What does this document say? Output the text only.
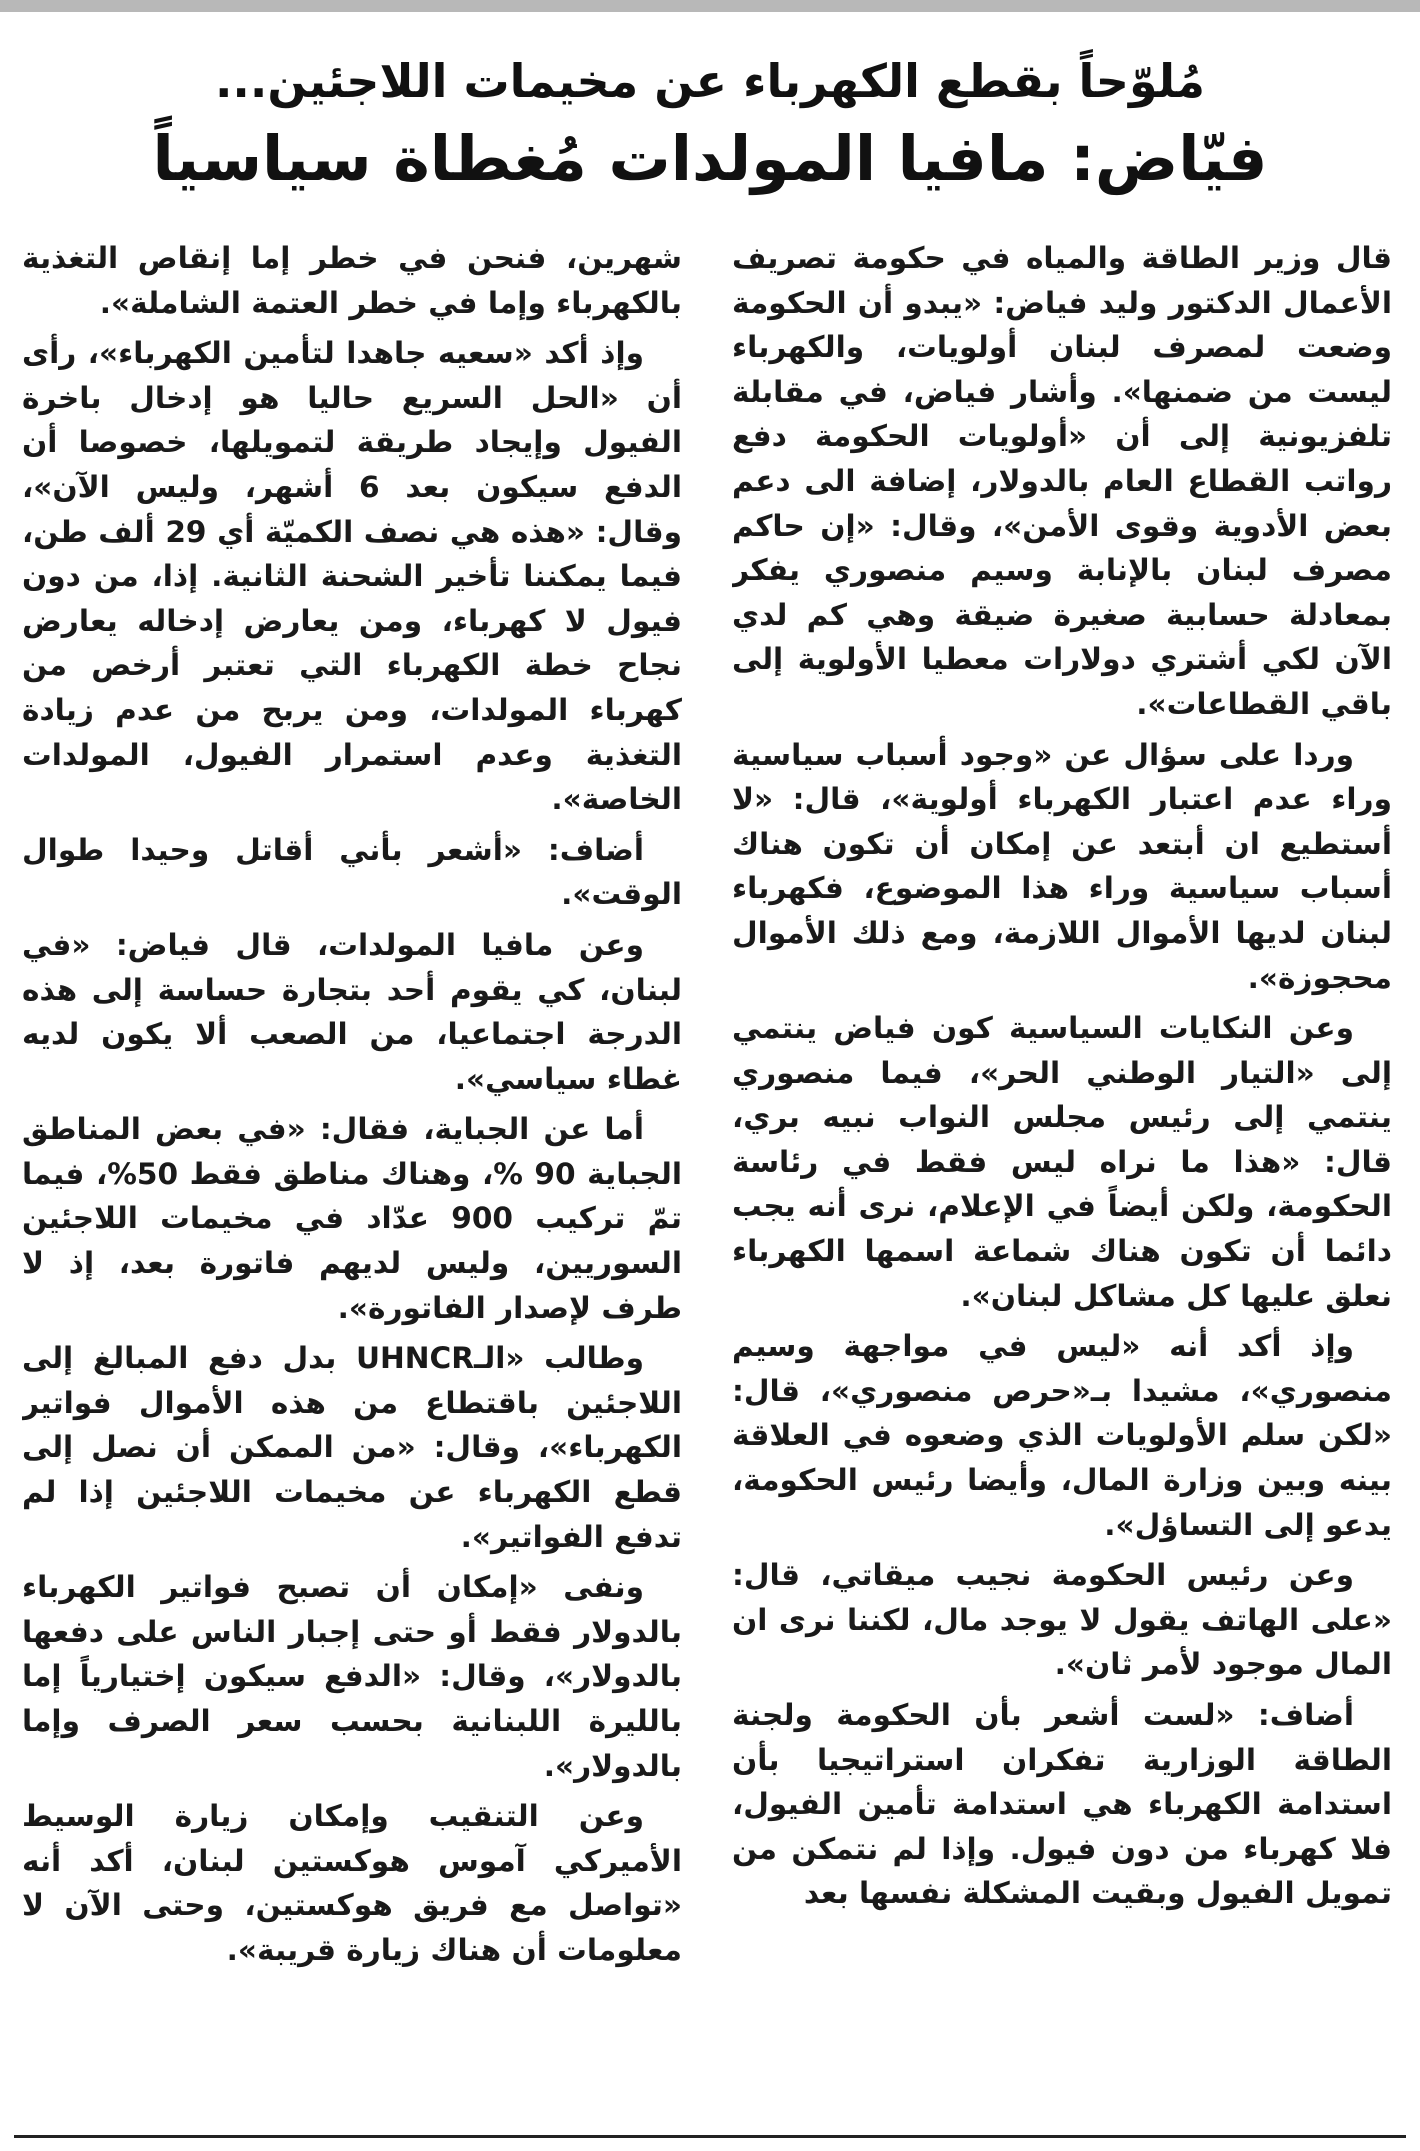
مُلوّحاً بقطع الكهرباء عن مخيمات اللاجئين...
فيّاض: مافيا المولدات مُغطاة سياسياً

قال وزير الطاقة والمياه في حكومة تصريف الأعمال الدكتور وليد فياض: «يبدو أن الحكومة وضعت لمصرف لبنان أولويات، والكهرباء ليست من ضمنها». وأشار فياض، في مقابلة تلفزيونية إلى أن «أولويات الحكومة دفع رواتب القطاع العام بالدولار، إضافة الى دعم بعض الأدوية وقوى الأمن»، وقال: «إن حاكم مصرف لبنان بالإنابة وسيم منصوري يفكر بمعادلة حسابية صغيرة ضيقة وهي كم لدي الآن لكي أشتري دولارات معطيا الأولوية إلى باقي القطاعات».

وردا على سؤال عن «وجود أسباب سياسية وراء عدم اعتبار الكهرباء أولوية»، قال: «لا أستطيع ان أبتعد عن إمكان أن تكون هناك أسباب سياسية وراء هذا الموضوع، فكهرباء لبنان لديها الأموال اللازمة، ومع ذلك الأموال محجوزة».

وعن النكايات السياسية كون فياض ينتمي إلى «التيار الوطني الحر»، فيما منصوري ينتمي إلى رئيس مجلس النواب نبيه بري، قال: «هذا ما نراه ليس فقط في رئاسة الحكومة، ولكن أيضاً في الإعلام، نرى أنه يجب دائما أن تكون هناك شماعة اسمها الكهرباء نعلق عليها كل مشاكل لبنان».

وإذ أكد أنه «ليس في مواجهة وسيم منصوري»، مشيدا بـ«حرص منصوري»، قال: «لكن سلم الأولويات الذي وضعوه في العلاقة بينه وبين وزارة المال، وأيضا رئيس الحكومة، يدعو إلى التساؤل».

وعن رئيس الحكومة نجيب ميقاتي، قال: «على الهاتف يقول لا يوجد مال، لكننا نرى ان المال موجود لأمر ثان».

أضاف: «لست أشعر بأن الحكومة ولجنة الطاقة الوزارية تفكران استراتيجيا بأن استدامة الكهرباء هي استدامة تأمين الفيول، فلا كهرباء من دون فيول. وإذا لم نتمكن من تمويل الفيول وبقيت المشكلة نفسها بعد

شهرين، فنحن في خطر إما إنقاص التغذية بالكهرباء وإما في خطر العتمة الشاملة».

وإذ أكد «سعيه جاهدا لتأمين الكهرباء»، رأى أن «الحل السريع حاليا هو إدخال باخرة الفيول وإيجاد طريقة لتمويلها، خصوصا أن الدفع سيكون بعد 6 أشهر، وليس الآن»، وقال: «هذه هي نصف الكميّة أي 29 ألف طن، فيما يمكننا تأخير الشحنة الثانية. إذا، من دون فيول لا كهرباء، ومن يعارض إدخاله يعارض نجاح خطة الكهرباء التي تعتبر أرخص من كهرباء المولدات، ومن يربح من عدم زيادة التغذية وعدم استمرار الفيول، المولدات الخاصة».

أضاف: «أشعر بأني أقاتل وحيدا طوال الوقت».

وعن مافيا المولدات، قال فياض: «في لبنان، كي يقوم أحد بتجارة حساسة إلى هذه الدرجة اجتماعيا، من الصعب ألا يكون لديه غطاء سياسي».

أما عن الجباية، فقال: «في بعض المناطق الجباية 90 %، وهناك مناطق فقط 50%، فيما تمّ تركيب 900 عدّاد في مخيمات اللاجئين السوريين، وليس لديهم فاتورة بعد، إذ لا طرف لإصدار الفاتورة».

وطالب «الـUHNCR بدل دفع المبالغ إلى اللاجئين باقتطاع من هذه الأموال فواتير الكهرباء»، وقال: «من الممكن أن نصل إلى قطع الكهرباء عن مخيمات اللاجئين إذا لم تدفع الفواتير».

ونفى «إمكان أن تصبح فواتير الكهرباء بالدولار فقط أو حتى إجبار الناس على دفعها بالدولار»، وقال: «الدفع سيكون إختيارياً إما بالليرة اللبنانية بحسب سعر الصرف وإما بالدولار».

وعن التنقيب وإمكان زيارة الوسيط الأميركي آموس هوكستين لبنان، أكد أنه «تواصل مع فريق هوكستين، وحتى الآن لا معلومات أن هناك زيارة قريبة».
